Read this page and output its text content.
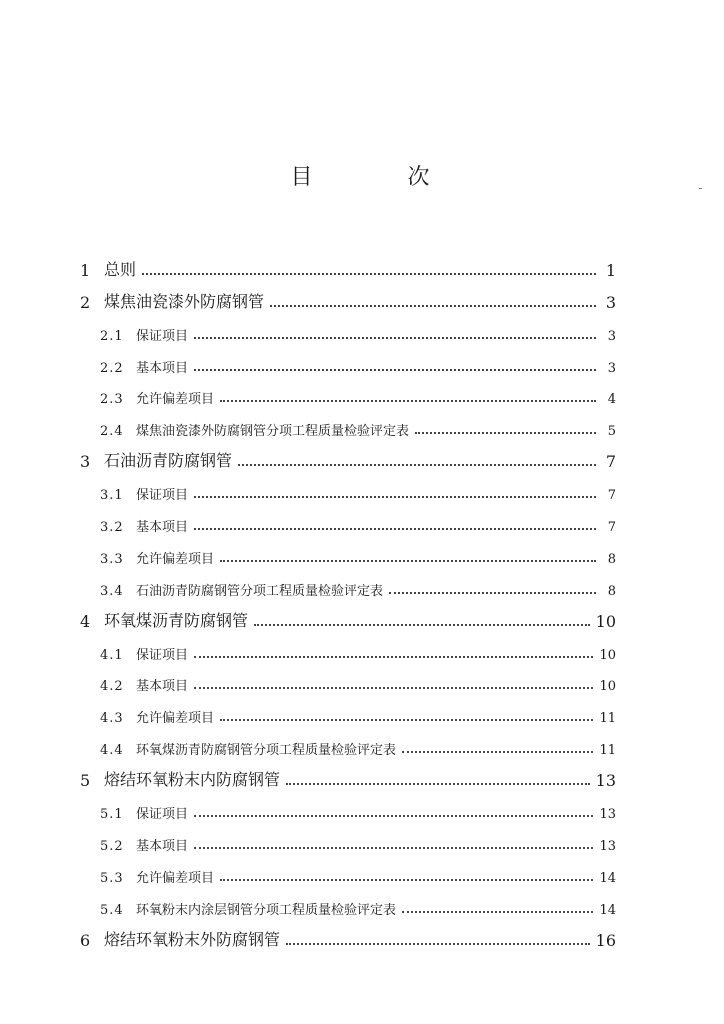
目 次
1 总则	1
2 煤焦油瓷漆外防腐钢管	3
2.1 保证项目	3
2.2 基本项目	3
2.3 允许偏差项目	4
2.4 煤焦油瓷漆外防腐钢管分项工程质量检验评定表	5
3 石油沥青防腐钢管	7
3.1 保证项目	7
3.2 基本项目	7
3.3 允许偏差项目	8
3.4 石油沥青防腐钢管分项工程质量检验评定表	8
4 环氧煤沥青防腐钢管	10
4.1 保证项目	10
4.2 基本项目	10
4.3 允许偏差项目	11
4.4 环氧煤沥青防腐钢管分项工程质量检验评定表	11
5 熔结环氧粉末内防腐钢管	13
5.1 保证项目	13
5.2 基本项目	13
5.3 允许偏差项目	14
5.4 环氧粉末内涂层钢管分项工程质量检验评定表	14
6 熔结环氧粉末外防腐钢管	16
